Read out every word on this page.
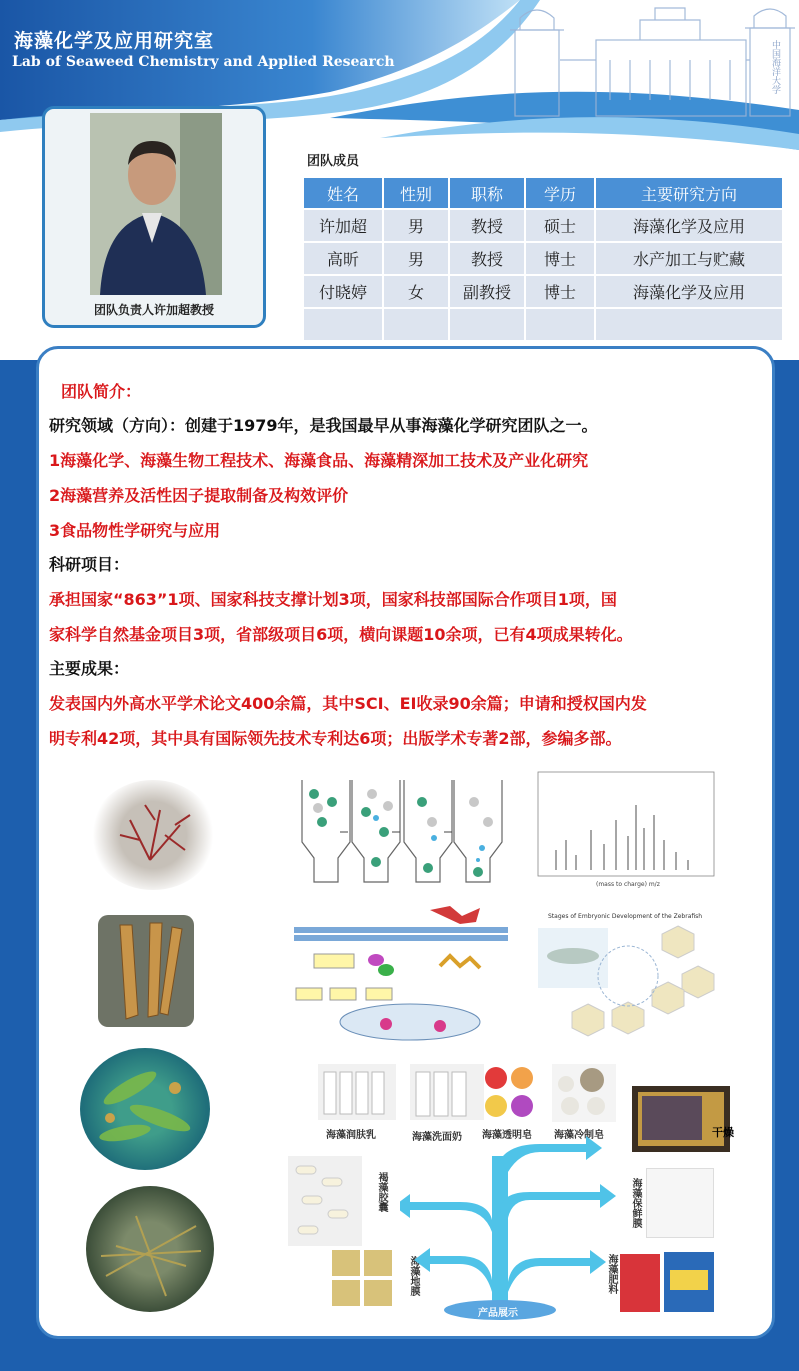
中国海洋大学
海藻化学及应用研究室
Lab of Seaweed Chemistry and Applied Research
团队负责人许加超教授
团队成员
姓名	性别	职称	学历	主要研究方向
许加超	男	教授	硕士	海藻化学及应用
高昕	男	教授	博士	水产加工与贮藏
付晓婷	女	副教授	博士	海藻化学及应用

团队简介：
研究领域（方向）：创建于1979年，是我国最早从事海藻化学研究团队之一。
1海藻化学、海藻生物工程技术、海藻食品、海藻精深加工技术及产业化研究
2海藻营养及活性因子提取制备及构效评价
3食品物性学研究与应用
科研项目：
承担国家“863”1项、国家科技支撑计划3项，国家科技部国际合作项目1项，国
家科学自然基金项目3项，省部级项目6项，横向课题10余项，已有4项成果转化。
主要成果：
发表国内外高水平学术论文400余篇，其中SCI、EI收录90余篇；申请和授权国内发
明专利42项，其中具有国际领先技术专利达6项；出版学术专著2部，参编多部。
(mass to charge) m/z
Stages of Embryonic Development of the Zebrafish
海藻润肤乳	海藻洗面奶 海藻透明皂 海藻冷制皂	干燥
褐藻胶囊	海藻保鲜膜
海藻地膜	海藻肥料
产品展示
